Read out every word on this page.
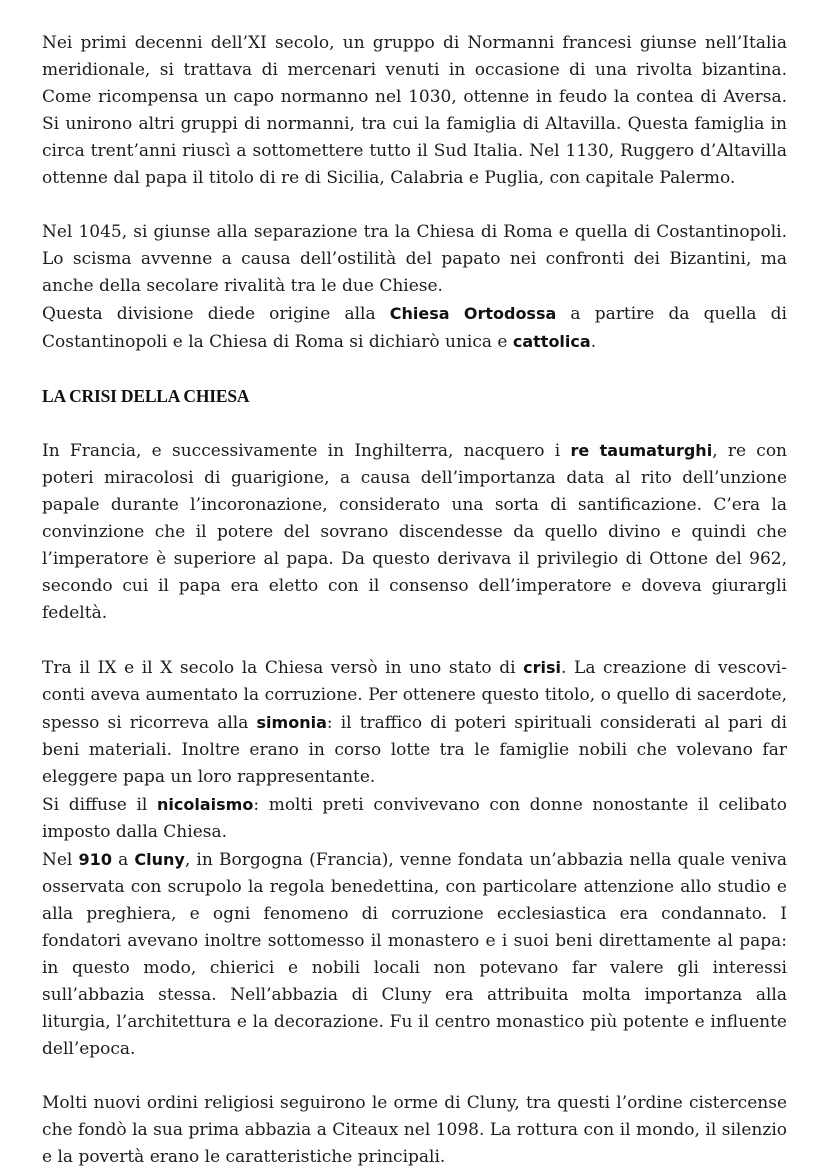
Nei primi decenni dell’XI secolo, un gruppo di Normanni francesi giunse nell’Italia meridionale, si trattava di mercenari venuti in occasione di una rivolta bizantina. Come ricompensa un capo normanno nel 1030, ottenne in feudo la contea di Aversa. Si unirono altri gruppi di normanni, tra cui la famiglia di Altavilla. Questa famiglia in circa trent’anni riuscì a sottomettere tutto il Sud Italia. Nel 1130, Ruggero d’Altavilla ottenne dal papa il titolo di re di Sicilia, Calabria e Puglia, con capitale Palermo.

Nel 1045, si giunse alla separazione tra la Chiesa di Roma e quella di Costantinopoli. Lo scisma avvenne a causa dell’ostilità del papato nei confronti dei Bizantini, ma anche della secolare rivalità tra le due Chiese.

Questa divisione diede origine alla Chiesa Ortodossa a partire da quella di Costantinopoli e la Chiesa di Roma si dichiarò unica e cattolica.

LA CRISI DELLA CHIESA

In Francia, e successivamente in Inghilterra, nacquero i re taumaturghi, re con poteri miracolosi di guarigione, a causa dell’importanza data al rito dell’unzione papale durante l’incoronazione, considerato una sorta di santificazione. C’era la convinzione che il potere del sovrano discendesse da quello divino e quindi che l’imperatore è superiore al papa. Da questo derivava il privilegio di Ottone del 962, secondo cui il papa era eletto con il consenso dell’imperatore e doveva giurargli fedeltà.

Tra il IX e il X secolo la Chiesa versò in uno stato di crisi. La creazione di vescovi-conti aveva aumentato la corruzione. Per ottenere questo titolo, o quello di sacerdote, spesso si ricorreva alla simonia: il traffico di poteri spirituali considerati al pari di beni materiali. Inoltre erano in corso lotte tra le famiglie nobili che volevano far eleggere papa un loro rappresentante.

Si diffuse il nicolaismo: molti preti convivevano con donne nonostante il celibato imposto dalla Chiesa.

Nel 910 a Cluny, in Borgogna (Francia), venne fondata un’abbazia nella quale veniva osservata con scrupolo la regola benedettina, con particolare attenzione allo studio e alla preghiera, e ogni fenomeno di corruzione ecclesiastica era condannato. I fondatori avevano inoltre sottomesso il monastero e i suoi beni direttamente al papa: in questo modo, chierici e nobili locali non potevano far valere gli interessi sull’abbazia stessa. Nell’abbazia di Cluny era attribuita molta importanza alla liturgia, l’architettura e la decorazione. Fu il centro monastico più potente e influente dell’epoca.

Molti nuovi ordini religiosi seguirono le orme di Cluny, tra questi l’ordine cistercense che fondò la sua prima abbazia a Citeaux nel 1098. La rottura con il mondo, il silenzio e la povertà erano le caratteristiche principali.
